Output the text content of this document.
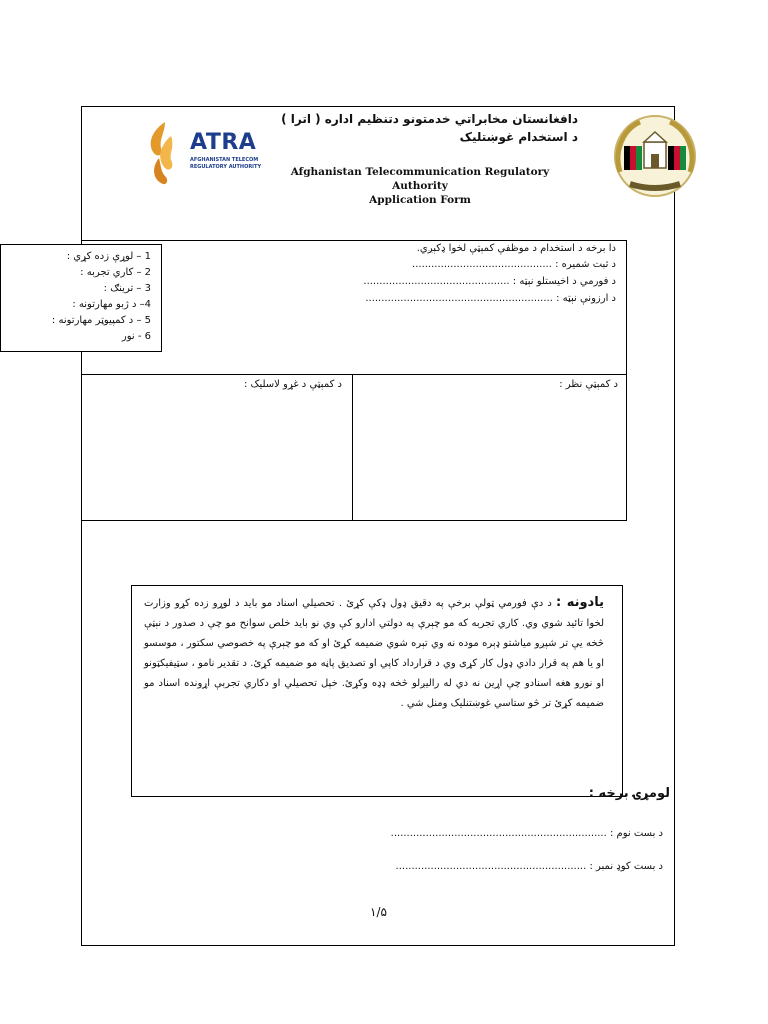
ATRA
AFGHANISTAN TELECOM
REGULATORY AUTHORITY
دافغانستان مخابراتي خدمتونو دتنظیم اداره ( اترا )
د استخدام غوښتليک
Afghanistan Telecommunication Regulatory Authority
Application Form
دا برخه د استخدام د موظفې کمېټې لخوا ډکېږي.
د ثبت شميره : ............................................
د فورمي د اخيستلو نېټه : ..............................................
د ارزونې نېټه : ...........................................................
1 – لوړې زده کړي :
2 – کاري تجربه :
3 – ترينګ :
4– د ژبو مهارتونه :
5 – د کمپيوټر مهارتونه :
6 - نور
د کمېټې نظر :
د کمېټې د غړو لاسليک :
يادونه : د دې فورمي ټولې برخې په دقيق ډول ډکې کړئ . تحصيلي اسناد مو بايد د لوړو زده کړو وزارت لخوا تائيد شوي وي. کاري تجربه که مو چېرې په دولتي ادارو کې وي نو بايد خلص سوانح مو چې د صدور د نېټې څخه يې تر شپږو مياشتو ډېره موده نه وي تېره شوي ضميمه کړئ او که مو چېرې په خصوصي سکتور ، موسسو او يا هم په قرار دادي ډول کار کړی وي د قرارداد کاپي او تصديق پاڼه مو ضميمه کړئ. د تقدير نامو ، سټيفيکټونو او نورو هغه اسنادو چې اړين نه دي له راليږلو څخه ډډه وکړئ. خپل تحصيلي او دکاري تجربې اړونده اسناد مو ضميمه کړئ تر څو ستاسي غوښتنليک ومنل شي .
لومړۍ برخه :
د بست نوم : ....................................................................
د بست کوډ نمبر : ............................................................
۱/۵
